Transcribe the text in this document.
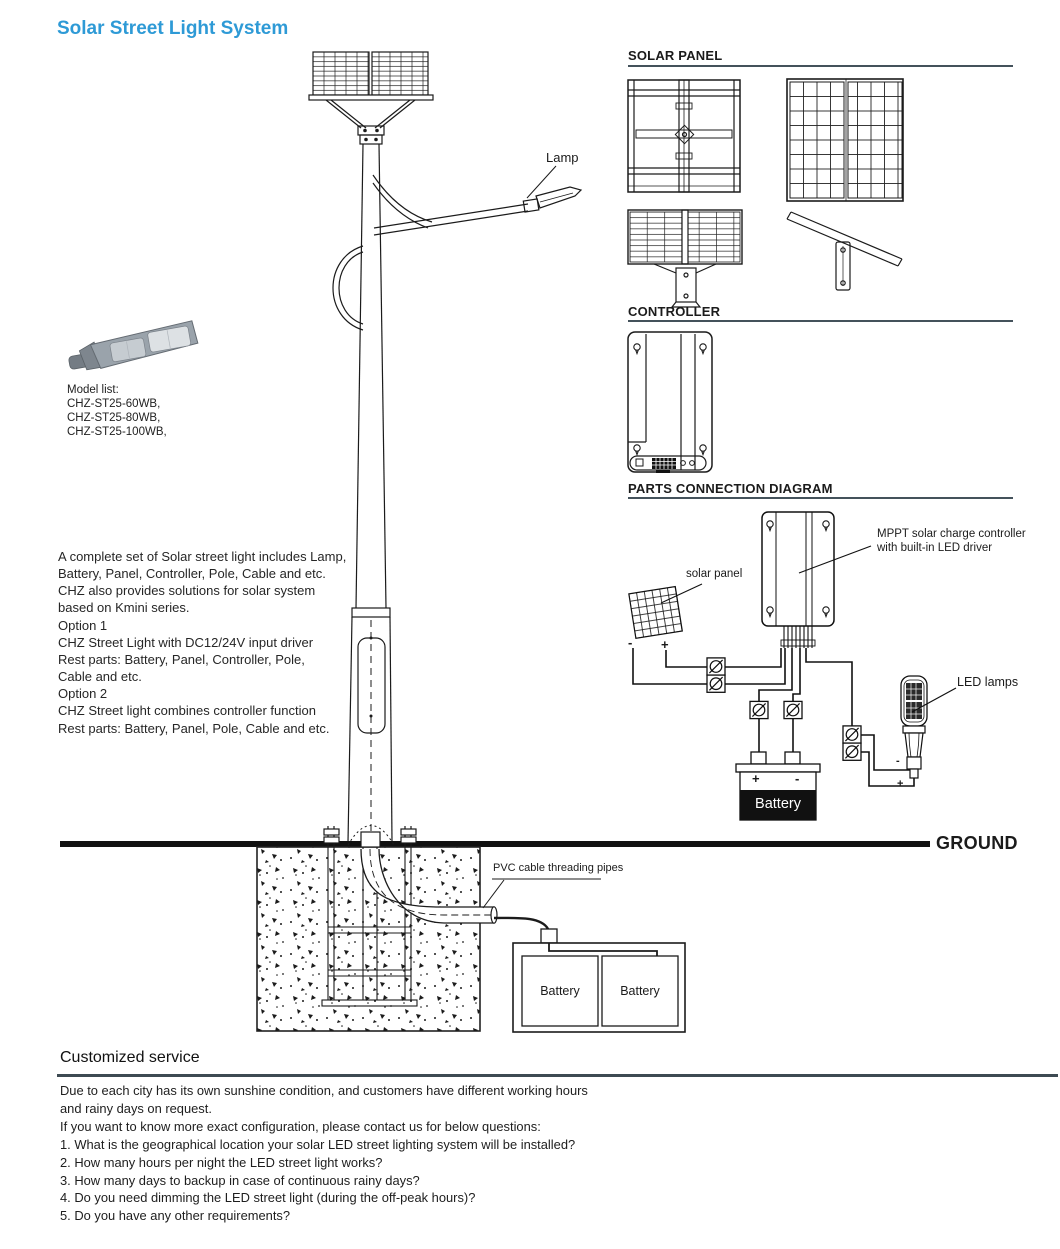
Solar Street Light System
Lamp
Model list:
CHZ-ST25-60WB,
CHZ-ST25-80WB,
CHZ-ST25-100WB,
A complete set of Solar street light includes Lamp,
Battery, Panel, Controller, Pole, Cable and etc.
CHZ also provides solutions for solar system
based on Kmini series.
Option 1
CHZ Street Light with DC12/24V input driver
Rest parts: Battery, Panel, Controller, Pole,
Cable and etc.
Option 2
CHZ Street light combines controller function
Rest parts: Battery, Panel, Pole, Cable and etc.
SOLAR PANEL
CONTROLLER
PARTS CONNECTION DIAGRAM
MPPT solar charge controller
with built-in LED driver
solar panel
LED lamps
- +
+	-
Battery
-
+
GROUND
PVC cable threading pipes
Battery	Battery
Customized service
Due to each city has its own sunshine condition, and customers have different working hours
and rainy days on request.
If you want to know more exact configuration, please contact us for below questions:
1. What is the geographical location your solar LED street lighting system will be installed?
2. How many hours per night the LED street light works?
3. How many days to backup in case of continuous rainy days?
4. Do you need dimming the LED street light (during the off-peak hours)?
5. Do you have any other requirements?
